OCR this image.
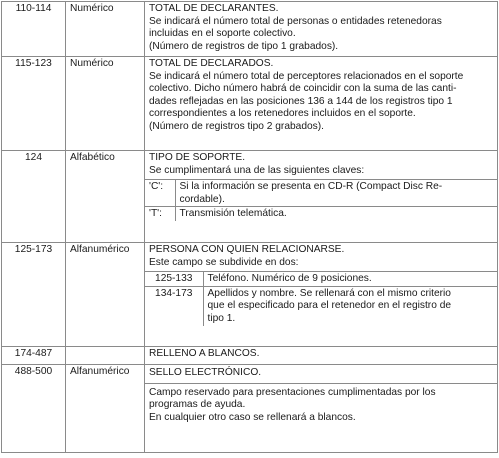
110-114	Numérico	TOTAL DE DECLARANTES.
Se indicará el número total de personas o entidades retenedoras
incluidas en el soporte colectivo.
(Número de registros de tipo 1 grabados).

115-123	Numérico	TOTAL DE DECLARADOS.
Se indicará el número total de perceptores relacionados en el soporte
colectivo. Dicho número habrá de coincidir con la suma de las canti-
dades reflejadas en las posiciones 136 a 144 de los registros tipo 1
correspondientes a los retenedores incluidos en el soporte.
(Número de registros tipo 2 grabados).

124	Alfabético	TIPO DE SOPORTE.
Se cumplimentará una de las siguientes claves:
'C':	Si la información se presenta en CD-R (Compact Disc Re-
cordable).

'T':	Transmisión telemática.

125-173	Alfanumérico	PERSONA CON QUIEN RELACIONARSE.
Este campo se subdivide en dos:
125-133	Teléfono. Numérico de 9 posiciones.

134-173	Apellidos y nombre. Se rellenará con el mismo criterio
que el especificado para el retenedor en el registro de
tipo 1.

174-487		RELLENO A BLANCOS.

488-500	Alfanumérico	SELLO ELECTRÓNICO.
Campo reservado para presentaciones cumplimentadas por los
programas de ayuda.
En cualquier otro caso se rellenará a blancos.
